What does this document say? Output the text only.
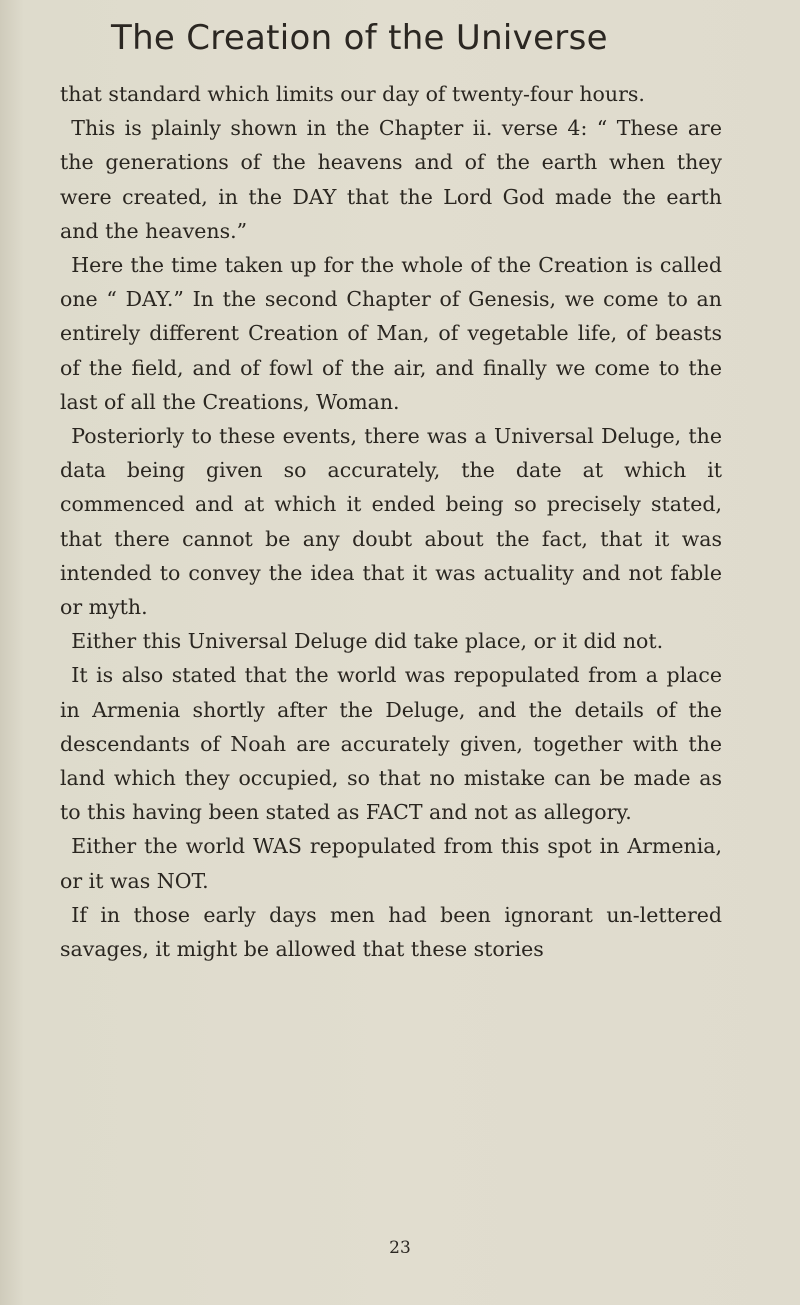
The Creation of the Universe

that standard which limits our day of twenty-four hours.

This is plainly shown in the Chapter ii. verse 4: “ These are the generations of the heavens and of the earth when they were created, in the DAY that the Lord God made the earth and the heavens.”

Here the time taken up for the whole of the Creation is called one “ DAY.” In the second Chapter of Genesis, we come to an entirely different Creation of Man, of vegetable life, of beasts of the field, and of fowl of the air, and finally we come to the last of all the Creations, Woman.

Posteriorly to these events, there was a Universal Deluge, the data being given so accurately, the date at which it commenced and at which it ended being so precisely stated, that there cannot be any doubt about the fact, that it was intended to convey the idea that it was actuality and not fable or myth.

Either this Universal Deluge did take place, or it did not.

It is also stated that the world was repopulated from a place in Armenia shortly after the Deluge, and the details of the descendants of Noah are accurately given, together with the land which they occupied, so that no mistake can be made as to this having been stated as FACT and not as allegory.

Either the world WAS repopulated from this spot in Armenia, or it was NOT.

If in those early days men had been ignorant un-lettered savages, it might be allowed that these stories

23
